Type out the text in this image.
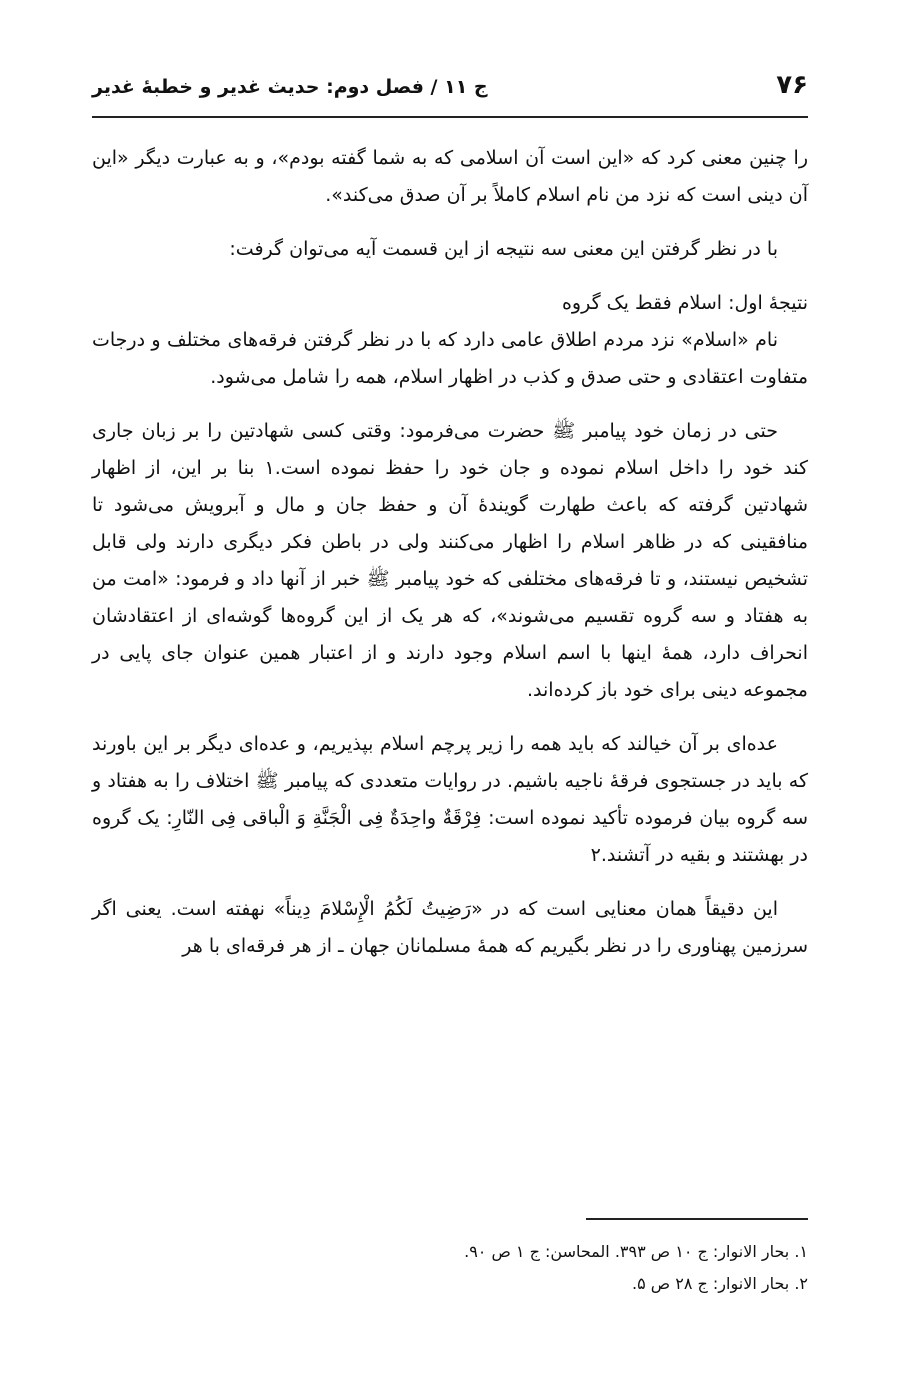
۷۶
ج ۱۱ / فصل دوم: حدیث غدیر و خطبهٔ غدیر

را چنین معنی کرد که «این است آن اسلامی که به شما گفته بودم»، و به عبارت دیگر «این آن دینی است که نزد من نام اسلام کاملاً بر آن صدق می‌کند».

با در نظر گرفتن این معنی سه نتیجه از این قسمت آیه می‌توان گرفت:

نتیجهٔ اول: اسلام فقط یک گروه

نام «اسلام» نزد مردم اطلاق عامی دارد که با در نظر گرفتن فرقه‌های مختلف و درجات متفاوت اعتقادی و حتی صدق و کذب در اظهار اسلام، همه را شامل می‌شود.

حتی در زمان خود پیامبر ﷺ حضرت می‌فرمود: وقتی کسی شهادتین را بر زبان جاری کند خود را داخل اسلام نموده و جان خود را حفظ نموده است.۱ بنا بر این، از اظهار شهادتین گرفته که باعث طهارت گویندهٔ آن و حفظ جان و مال و آبرویش می‌شود تا منافقینی که در ظاهر اسلام را اظهار می‌کنند ولی در باطن فکر دیگری دارند ولی قابل تشخیص نیستند، و تا فرقه‌های مختلفی که خود پیامبر ﷺ خبر از آنها داد و فرمود: «امت من به هفتاد و سه گروه تقسیم می‌شوند»، که هر یک از این گروه‌ها گوشه‌ای از اعتقادشان انحراف دارد، همهٔ اینها با اسم اسلام وجود دارند و از اعتبار همین عنوان جای پایی در مجموعه دینی برای خود باز کرده‌اند.

عده‌ای بر آن خیالند که باید همه را زیر پرچم اسلام بپذیریم، و عده‌ای دیگر بر این باورند که باید در جستجوی فرقهٔ ناجیه باشیم. در روایات متعددی که پیامبر ﷺ اختلاف را به هفتاد و سه گروه بیان فرموده تأکید نموده است: فِرْقَةٌ واحِدَةٌ فِی الْجَنَّةِ وَ الْباقی فِی النّارِ: یک گروه در بهشتند و بقیه در آتشند.۲

این دقیقاً همان معنایی است که در «رَضِیتُ لَکُمُ الْإِسْلامَ دِیناً» نهفته است. یعنی اگر سرزمین پهناوری را در نظر بگیریم که همهٔ مسلمانان جهان ـ از هر فرقه‌ای با هر

۱. بحار الانوار: ج ۱۰ ص ۳۹۳. المحاسن: ج ۱ ص ۹۰.
۲. بحار الانوار: ج ۲۸ ص ۵.
